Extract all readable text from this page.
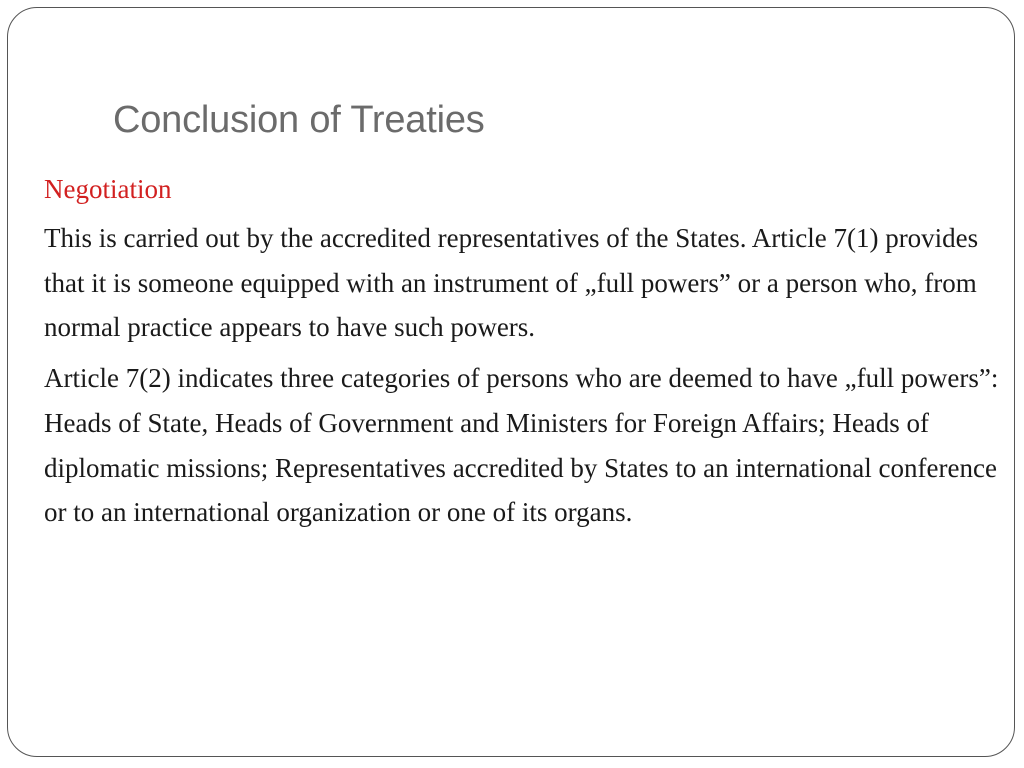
Conclusion of Treaties

Negotiation

This is carried out by the accredited representatives of the States. Article 7(1) provides that it is someone equipped with an instrument of „full powers” or a person who, from normal practice appears to have such powers.

Article 7(2) indicates three categories of persons who are deemed to have „full powers”: Heads of State, Heads of Government and Ministers for Foreign Affairs; Heads of diplomatic missions; Representatives accredited by States to an international conference or to an international organization or one of its organs.
